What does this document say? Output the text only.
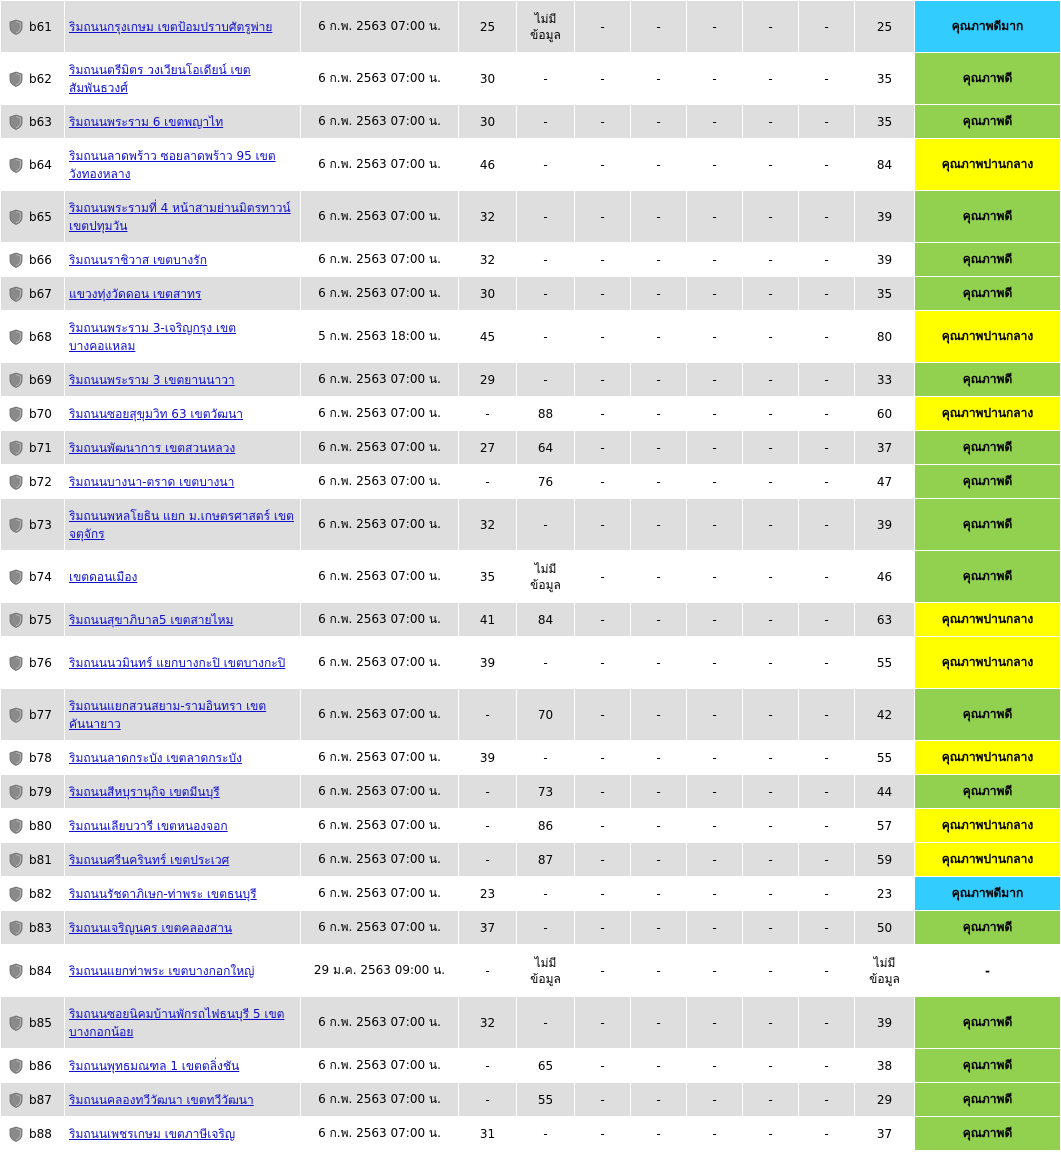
b61	ริมถนนกรุงเกษม เขตป้อมปราบศัตรูพ่าย	6 ก.พ. 2563 07:00 น.	25	ไม่มี ข้อมูล	-	-	-	-	-	25	คุณภาพดีมาก
b62	ริมถนนตรีมิตร วงเวียนโอเดียน์ เขตสัมพันธวงศ์	6 ก.พ. 2563 07:00 น.	30	-	-	-	-	-	-	35	คุณภาพดี
b63	ริมถนนพระราม 6 เขตพญาไท	6 ก.พ. 2563 07:00 น.	30	-	-	-	-	-	-	35	คุณภาพดี
b64	ริมถนนลาดพร้าว ซอยลาดพร้าว 95 เขตวังทองหลาง	6 ก.พ. 2563 07:00 น.	46	-	-	-	-	-	-	84	คุณภาพปานกลาง
b65	ริมถนนพระรามที่ 4 หน้าสามย่านมิตรทาวน์ เขตปทุมวัน	6 ก.พ. 2563 07:00 น.	32	-	-	-	-	-	-	39	คุณภาพดี
b66	ริมถนนราชิวาส เขตบางรัก	6 ก.พ. 2563 07:00 น.	32	-	-	-	-	-	-	39	คุณภาพดี
b67	แขวงทุ่งวัดดอน เขตสาทร	6 ก.พ. 2563 07:00 น.	30	-	-	-	-	-	-	35	คุณภาพดี
b68	ริมถนนพระราม 3-เจริญกรุง เขตบางคอแหลม	5 ก.พ. 2563 18:00 น.	45	-	-	-	-	-	-	80	คุณภาพปานกลาง
b69	ริมถนนพระราม 3 เขตยานนาวา	6 ก.พ. 2563 07:00 น.	29	-	-	-	-	-	-	33	คุณภาพดี
b70	ริมถนนซอยสุขุมวิท 63 เขตวัฒนา	6 ก.พ. 2563 07:00 น.	-	88	-	-	-	-	-	60	คุณภาพปานกลาง
b71	ริมถนนพัฒนาการ เขตสวนหลวง	6 ก.พ. 2563 07:00 น.	27	64	-	-	-	-	-	37	คุณภาพดี
b72	ริมถนนบางนา-ตราด เขตบางนา	6 ก.พ. 2563 07:00 น.	-	76	-	-	-	-	-	47	คุณภาพดี
b73	ริมถนนพหลโยธิน แยก ม.เกษตรศาสตร์ เขตจตุจักร	6 ก.พ. 2563 07:00 น.	32	-	-	-	-	-	-	39	คุณภาพดี
b74	เขตดอนเมือง	6 ก.พ. 2563 07:00 น.	35	ไม่มี ข้อมูล	-	-	-	-	-	46	คุณภาพดี
b75	ริมถนนสุขาภิบาล5 เขตสายไหม	6 ก.พ. 2563 07:00 น.	41	84	-	-	-	-	-	63	คุณภาพปานกลาง
b76	ริมถนนนวมินทร์ แยกบางกะปิ เขตบางกะปิ	6 ก.พ. 2563 07:00 น.	39	-	-	-	-	-	-	55	คุณภาพปานกลาง
b77	ริมถนนแยกสวนสยาม-รามอินทรา เขตคันนายาว	6 ก.พ. 2563 07:00 น.	-	70	-	-	-	-	-	42	คุณภาพดี
b78	ริมถนนลาดกระบัง เขตลาดกระบัง	6 ก.พ. 2563 07:00 น.	39	-	-	-	-	-	-	55	คุณภาพปานกลาง
b79	ริมถนนสีหบุรานุกิจ เขตมีนบุรี	6 ก.พ. 2563 07:00 น.	-	73	-	-	-	-	-	44	คุณภาพดี
b80	ริมถนนเลียบวารี เขตหนองจอก	6 ก.พ. 2563 07:00 น.	-	86	-	-	-	-	-	57	คุณภาพปานกลาง
b81	ริมถนนศรีนครินทร์ เขตประเวศ	6 ก.พ. 2563 07:00 น.	-	87	-	-	-	-	-	59	คุณภาพปานกลาง
b82	ริมถนนรัชดาภิเษก-ท่าพระ เขตธนบุรี	6 ก.พ. 2563 07:00 น.	23	-	-	-	-	-	-	23	คุณภาพดีมาก
b83	ริมถนนเจริญนคร เขตคลองสาน	6 ก.พ. 2563 07:00 น.	37	-	-	-	-	-	-	50	คุณภาพดี
b84	ริมถนนแยกท่าพระ เขตบางกอกใหญ่	29 ม.ค. 2563 09:00 น.	-	ไม่มี ข้อมูล	-	-	-	-	-	ไม่มี ข้อมูล	-
b85	ริมถนนซอยนิคมบ้านพักรถไฟธนบุรี 5 เขตบางกอกน้อย	6 ก.พ. 2563 07:00 น.	32	-	-	-	-	-	-	39	คุณภาพดี
b86	ริมถนนพุทธมณฑล 1 เขตตลิ่งชัน	6 ก.พ. 2563 07:00 น.	-	65	-	-	-	-	-	38	คุณภาพดี
b87	ริมถนนคลองทวีวัฒนา เขตทวีวัฒนา	6 ก.พ. 2563 07:00 น.	-	55	-	-	-	-	-	29	คุณภาพดี
b88	ริมถนนเพชรเกษม เขตภาษีเจริญ	6 ก.พ. 2563 07:00 น.	31	-	-	-	-	-	-	37	คุณภาพดี
